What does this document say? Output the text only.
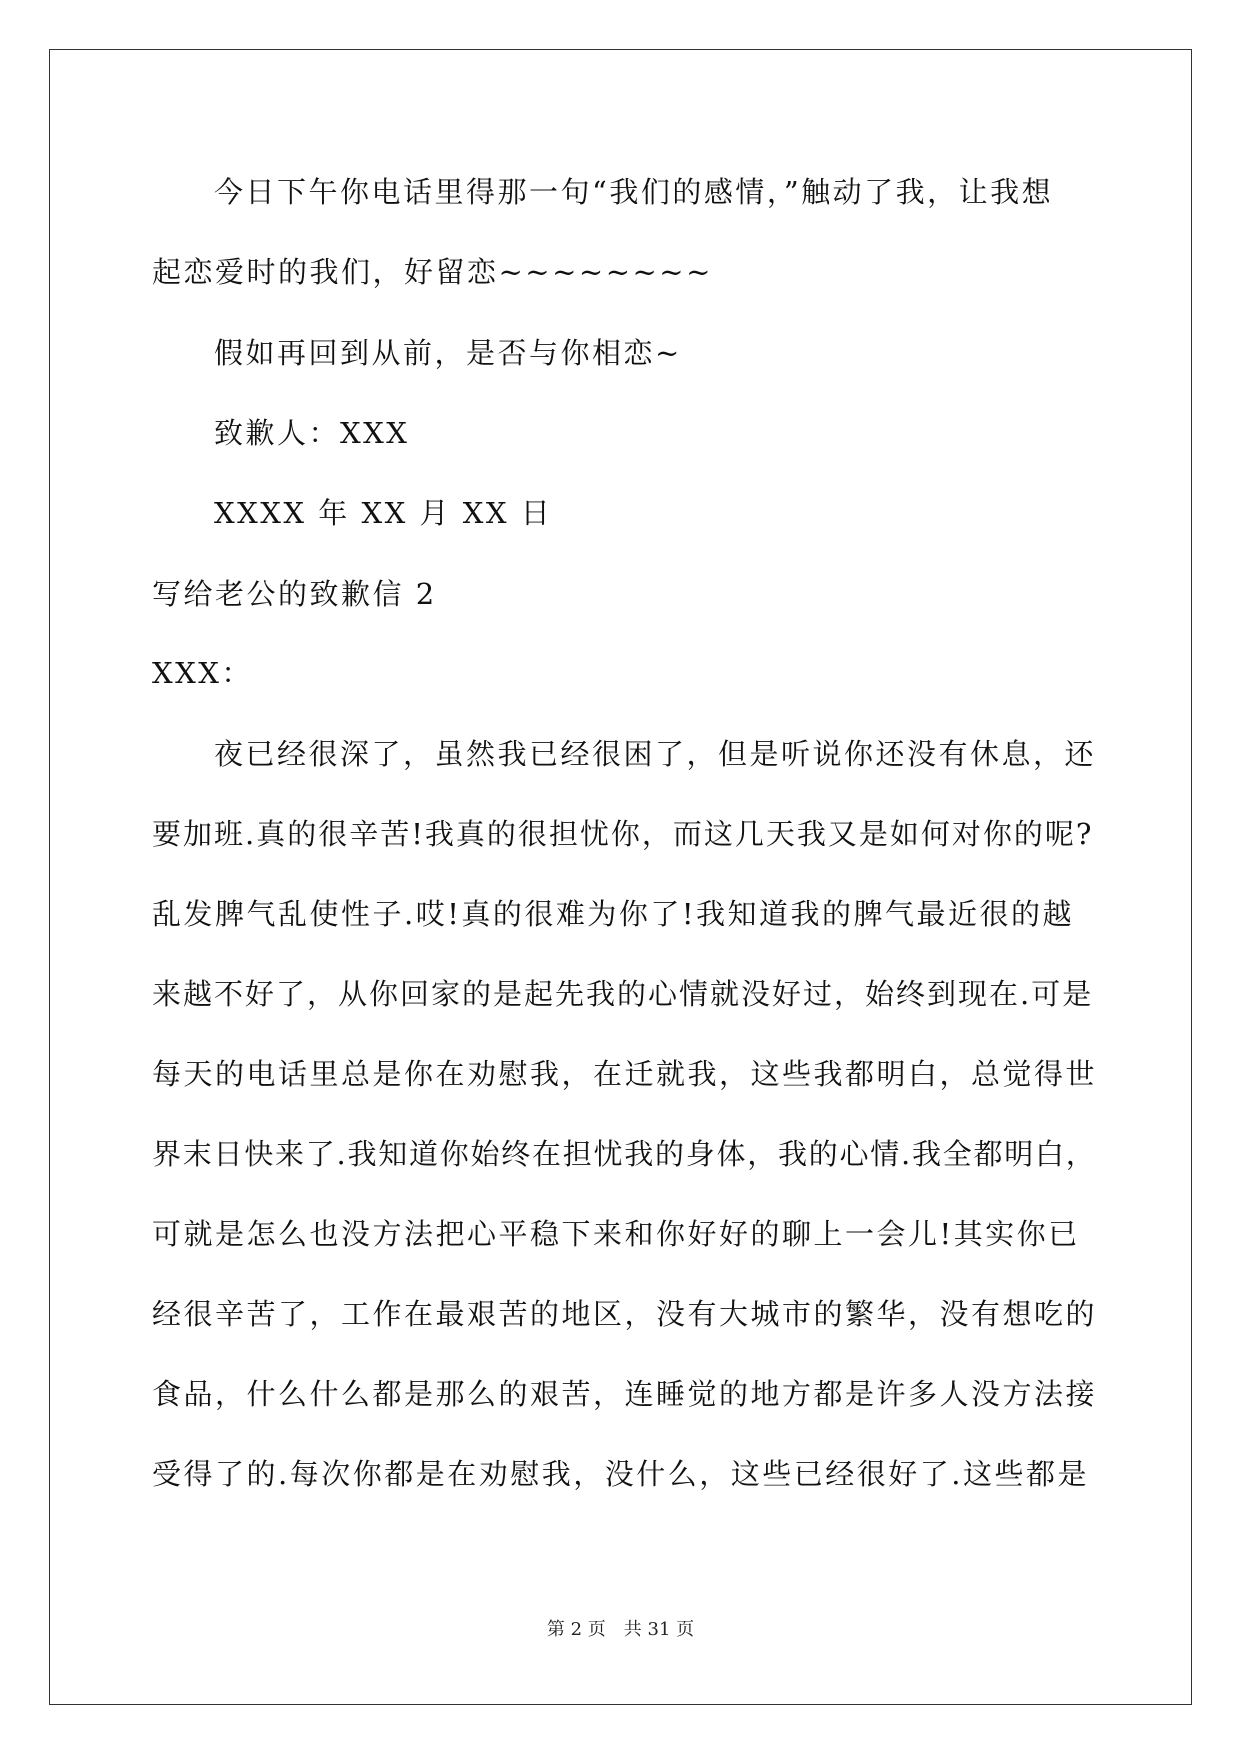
今日下午你电话里得那一句“我们的感情，”触动了我，让我想
起恋爱时的我们，好留恋~~~~~~~~
假如再回到从前，是否与你相恋~
致歉人：XXX
XXXX 年 XX 月 XX 日
写给老公的致歉信 2
XXX：
夜已经很深了，虽然我已经很困了，但是听说你还没有休息，还
要加班.真的很辛苦!我真的很担忧你，而这几天我又是如何对你的呢?
乱发脾气乱使性子.哎!真的很难为你了!我知道我的脾气最近很的越
来越不好了，从你回家的是起先我的心情就没好过，始终到现在.可是
每天的电话里总是你在劝慰我，在迁就我，这些我都明白，总觉得世
界末日快来了.我知道你始终在担忧我的身体，我的心情.我全都明白，
可就是怎么也没方法把心平稳下来和你好好的聊上一会儿!其实你已
经很辛苦了，工作在最艰苦的地区，没有大城市的繁华，没有想吃的
食品，什么什么都是那么的艰苦，连睡觉的地方都是许多人没方法接
受得了的.每次你都是在劝慰我，没什么，这些已经很好了.这些都是
第 2 页　共 31 页
